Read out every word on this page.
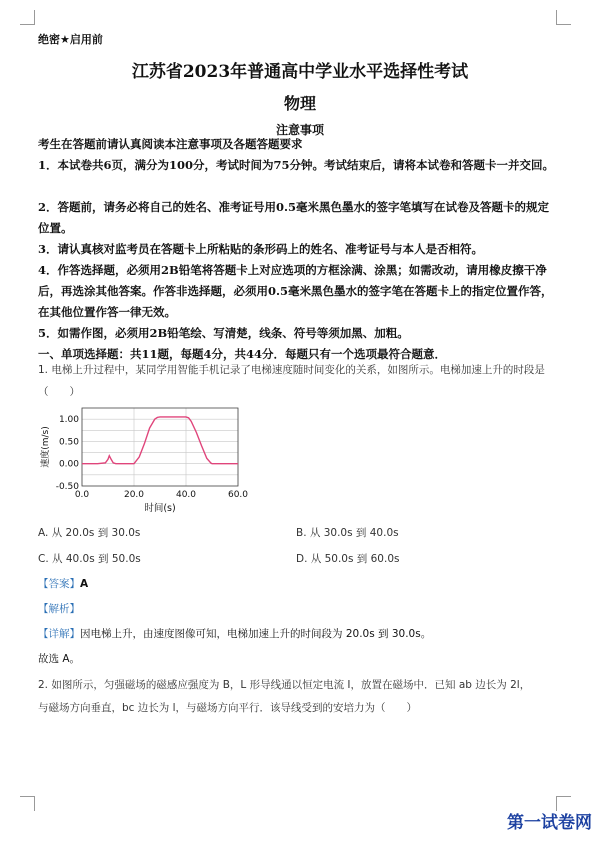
绝密★启用前
江苏省2023年普通高中学业水平选择性考试
物理
注意事项
考生在答题前请认真阅读本注意事项及各题答题要求
1．本试卷共6页，满分为100分，考试时间为75分钟。考试结束后，请将本试卷和答题卡一并交回。
2．答题前，请务必将自己的姓名、准考证号用0.5毫米黑色墨水的签字笔填写在试卷及答题卡的规定位置。
3．请认真核对监考员在答题卡上所粘贴的条形码上的姓名、准考证号与本人是否相符。
4．作答选择题，必须用2B铅笔将答题卡上对应选项的方框涂满、涂黑；如需改动，请用橡皮擦干净后，再选涂其他答案。作答非选择题，必须用0.5毫米黑色墨水的签字笔在答题卡上的指定位置作答，在其他位置作答一律无效。
5．如需作图，必须用2B铅笔绘、写清楚，线条、符号等须加黑、加粗。
一、单项选择题：共11题，每题4分，共44分．每题只有一个选项最符合题意．
1. 电梯上升过程中，某同学用智能手机记录了电梯速度随时间变化的关系，如图所示。电梯加速上升的时段是（　　）
-0.50
0.00
0.50
1.00
0.0	20.0	40.0	60.0
速度(m/s)
时间(s)
A. 从 20.0s 到 30.0s	B. 从 30.0s 到 40.0s
C. 从 40.0s 到 50.0s	D. 从 50.0s 到 60.0s
【答案】A
【解析】
【详解】因电梯上升，由速度图像可知，电梯加速上升的时间段为 20.0s 到 30.0s。
故选 A。
2. 如图所示，匀强磁场的磁感应强度为 B，L 形导线通以恒定电流 I，放置在磁场中．已知 ab 边长为 2l，
与磁场方向垂直，bc 边长为 l，与磁场方向平行．该导线受到的安培力为（　　）
第一试卷网
